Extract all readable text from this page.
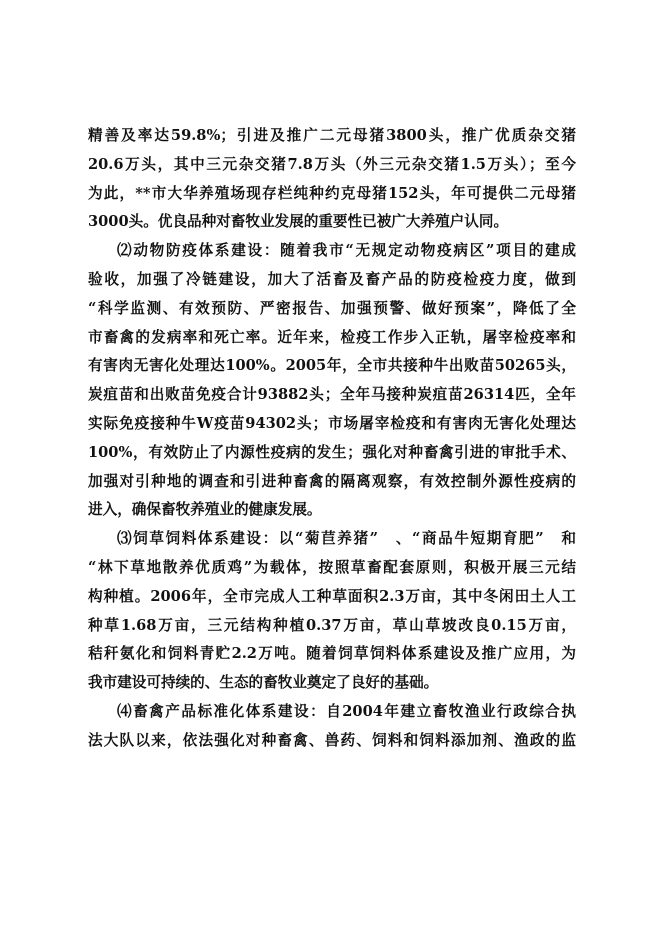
精善及率达59.8%；引进及推广二元母猪3800头，推广优质杂交猪
20.6万头，其中三元杂交猪7.8万头（外三元杂交猪1.5万头）；至今
为此，**市大华养殖场现存栏纯种约克母猪152头，年可提供二元母猪
3000头。优良品种对畜牧业发展的重要性已被广大养殖户认同。
⑵动物防疫体系建设：随着我市“无规定动物疫病区”项目的建成
验收，加强了冷链建设，加大了活畜及畜产品的防疫检疫力度，做到
“科学监测、有效预防、严密报告、加强预警、做好预案”，降低了全
市畜禽的发病率和死亡率。近年来，检疫工作步入正轨，屠宰检疫率和
有害肉无害化处理达100%。2005年，全市共接种牛出败苗50265头，
炭疽苗和出败苗免疫合计93882头；全年马接种炭疽苗26314匹，全年
实际免疫接种牛W疫苗94302头；市场屠宰检疫和有害肉无害化处理达
100%，有效防止了内源性疫病的发生；强化对种畜禽引进的审批手术、
加强对引种地的调查和引进种畜禽的隔离观察，有效控制外源性疫病的
进入，确保畜牧养殖业的健康发展。
⑶饲草饲料体系建设：以“菊苣养猪”　、“商品牛短期育肥”　和
“林下草地散养优质鸡”为载体，按照草畜配套原则，积极开展三元结
构种植。2006年，全市完成人工种草面积2.3万亩，其中冬闲田土人工
种草1.68万亩，三元结构种植0.37万亩，草山草坡改良0.15万亩，
秸秆氨化和饲料青贮2.2万吨。随着饲草饲料体系建设及推广应用，为
我市建设可持续的、生态的畜牧业奠定了良好的基础。
⑷畜禽产品标准化体系建设：自2004年建立畜牧渔业行政综合执
法大队以来，依法强化对种畜禽、兽药、饲料和饲料添加剂、渔政的监
